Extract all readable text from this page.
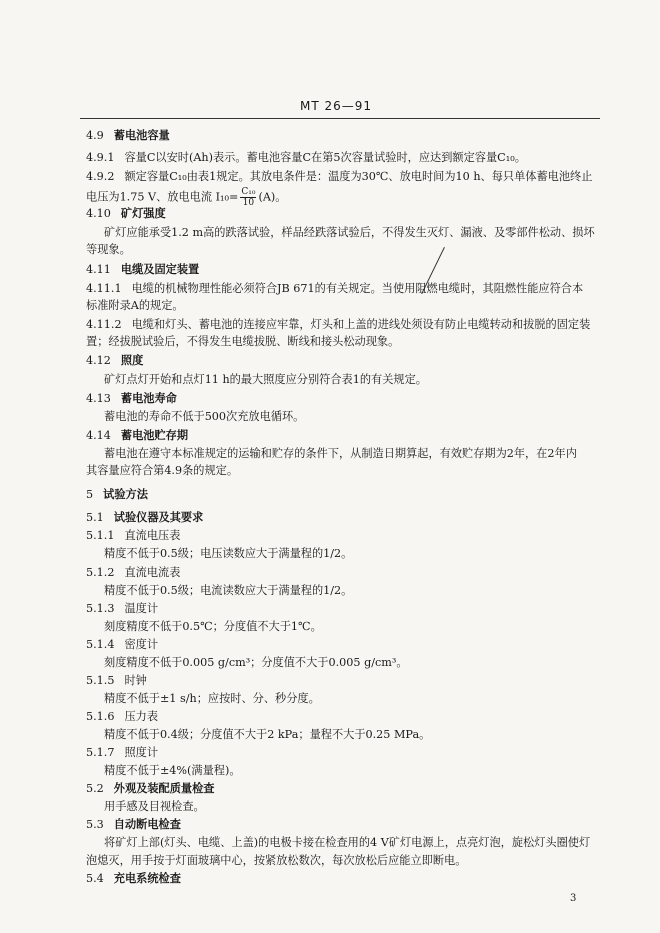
MT 26—91
4.9 蓄电池容量
4.9.1 容量C以安时(Ah)表示。蓄电池容量C在第5次容量试验时，应达到额定容量C₁₀。
4.9.2 额定容量C₁₀由表1规定。其放电条件是：温度为30℃、放电时间为10 h、每只单体蓄电池终止
电压为1.75 V、放电电流 $I_{10}= \frac{\text{C₁₀}}{10} (A)$。
4.10 矿灯强度
矿灯应能承受1.2 m高的跌落试验，样品经跌落试验后，不得发生灭灯、漏液、及零部件松动、损坏
等现象。
4.11 电缆及固定装置
4.11.1 电缆的机械物理性能必须符合JB 671的有关规定。当使用阻燃电缆时，其阻燃性能应符合本
标准附录A的规定。
4.11.2 电缆和灯头、蓄电池的连接应牢靠，灯头和上盖的进线处须设有防止电缆转动和拔脱的固定装
置；经拔脱试验后，不得发生电缆拔脱、断线和接头松动现象。
4.12 照度
矿灯点灯开始和点灯11 h的最大照度应分别符合表1的有关规定。
4.13 蓄电池寿命
蓄电池的寿命不低于500次充放电循环。
4.14 蓄电池贮存期
蓄电池在遵守本标准规定的运输和贮存的条件下，从制造日期算起，有效贮存期为2年，在2年内
其容量应符合第4.9条的规定。
5 试验方法
5.1 试验仪器及其要求
5.1.1 直流电压表
精度不低于0.5级；电压读数应大于满量程的1/2。
5.1.2 直流电流表
精度不低于0.5级；电流读数应大于满量程的1/2。
5.1.3 温度计
刻度精度不低于0.5℃；分度值不大于1℃。
5.1.4 密度计
刻度精度不低于0.005 g/cm³；分度值不大于0.005 g/cm³。
5.1.5 时钟
精度不低于±1 s/h；应按时、分、秒分度。
5.1.6 压力表
精度不低于0.4级；分度值不大于2 kPa；量程不大于0.25 MPa。
5.1.7 照度计
精度不低于±4%(满量程)。
5.2 外观及装配质量检查
用手感及目视检查。
5.3 自动断电检查
将矿灯上部(灯头、电缆、上盖)的电极卡接在检查用的4 V矿灯电源上，点亮灯泡，旋松灯头圈使灯
泡熄灭，用手按于灯面玻璃中心，按紧放松数次，每次放松后应能立即断电。
5.4 充电系统检查
3
